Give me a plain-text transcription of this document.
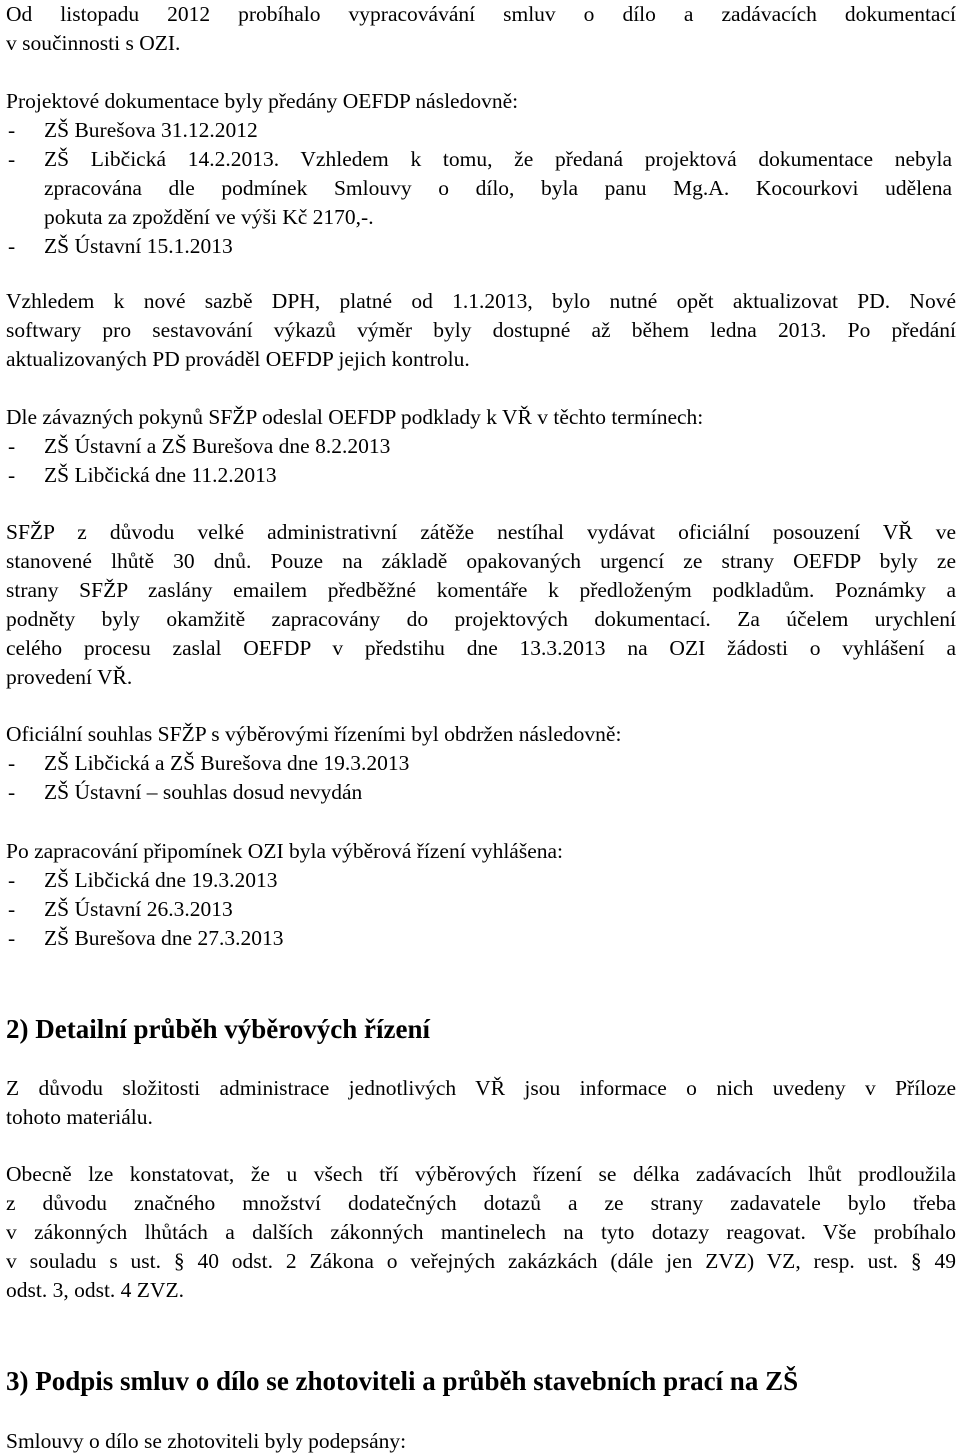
Od listopadu 2012 probíhalo vypracovávání smluv o dílo a zadávacích dokumentací

v součinnosti s OZI.

Projektové dokumentace byly předány OEFDP následovně:

-	ZŠ Burešova 31.12.2012
-	ZŠ Libčická 14.2.2013. Vzhledem k tomu, že předaná projektová dokumentace nebyla
zpracována dle podmínek Smlouvy o dílo, byla panu Mg.A. Kocourkovi udělena
pokuta za zpoždění ve výši Kč 2170,-.
-	ZŠ Ústavní 15.1.2013

Vzhledem k nové sazbě DPH, platné od 1.1.2013, bylo nutné opět aktualizovat PD. Nové

softwary pro sestavování výkazů výměr byly dostupné až během ledna 2013. Po předání

aktualizovaných PD prováděl OEFDP jejich kontrolu.

Dle závazných pokynů SFŽP odeslal OEFDP podklady k VŘ v těchto termínech:

-	ZŠ Ústavní a ZŠ Burešova dne 8.2.2013
-	ZŠ Libčická dne 11.2.2013

SFŽP z důvodu velké administrativní zátěže nestíhal vydávat oficiální posouzení VŘ ve

stanovené lhůtě 30 dnů. Pouze na základě opakovaných urgencí ze strany OEFDP byly ze

strany SFŽP zaslány emailem předběžné komentáře k předloženým podkladům. Poznámky a

podněty byly okamžitě zapracovány do projektových dokumentací. Za účelem urychlení

celého procesu zaslal OEFDP v předstihu dne 13.3.2013 na OZI žádosti o vyhlášení a

provedení VŘ.

Oficiální souhlas SFŽP s výběrovými řízeními byl obdržen následovně:

-	ZŠ Libčická a ZŠ Burešova dne 19.3.2013
-	ZŠ Ústavní – souhlas dosud nevydán

Po zapracování připomínek OZI byla výběrová řízení vyhlášena:

-	ZŠ Libčická dne 19.3.2013
-	ZŠ Ústavní 26.3.2013
-	ZŠ Burešova dne 27.3.2013
2) Detailní průběh výběrových řízení

Z důvodu složitosti administrace jednotlivých VŘ jsou informace o nich uvedeny v Příloze

tohoto materiálu.

Obecně lze konstatovat, že u všech tří výběrových řízení se délka zadávacích lhůt prodloužila

z důvodu značného množství dodatečných dotazů a ze strany zadavatele bylo třeba

v zákonných lhůtách a dalších zákonných mantinelech na tyto dotazy reagovat. Vše probíhalo

v souladu s ust. § 40 odst. 2 Zákona o veřejných zakázkách (dále jen ZVZ) VZ, resp. ust. § 49

odst. 3, odst. 4 ZVZ.

3) Podpis smluv o dílo se zhotoviteli a průběh stavebních prací na ZŠ

Smlouvy o dílo se zhotoviteli byly podepsány:
